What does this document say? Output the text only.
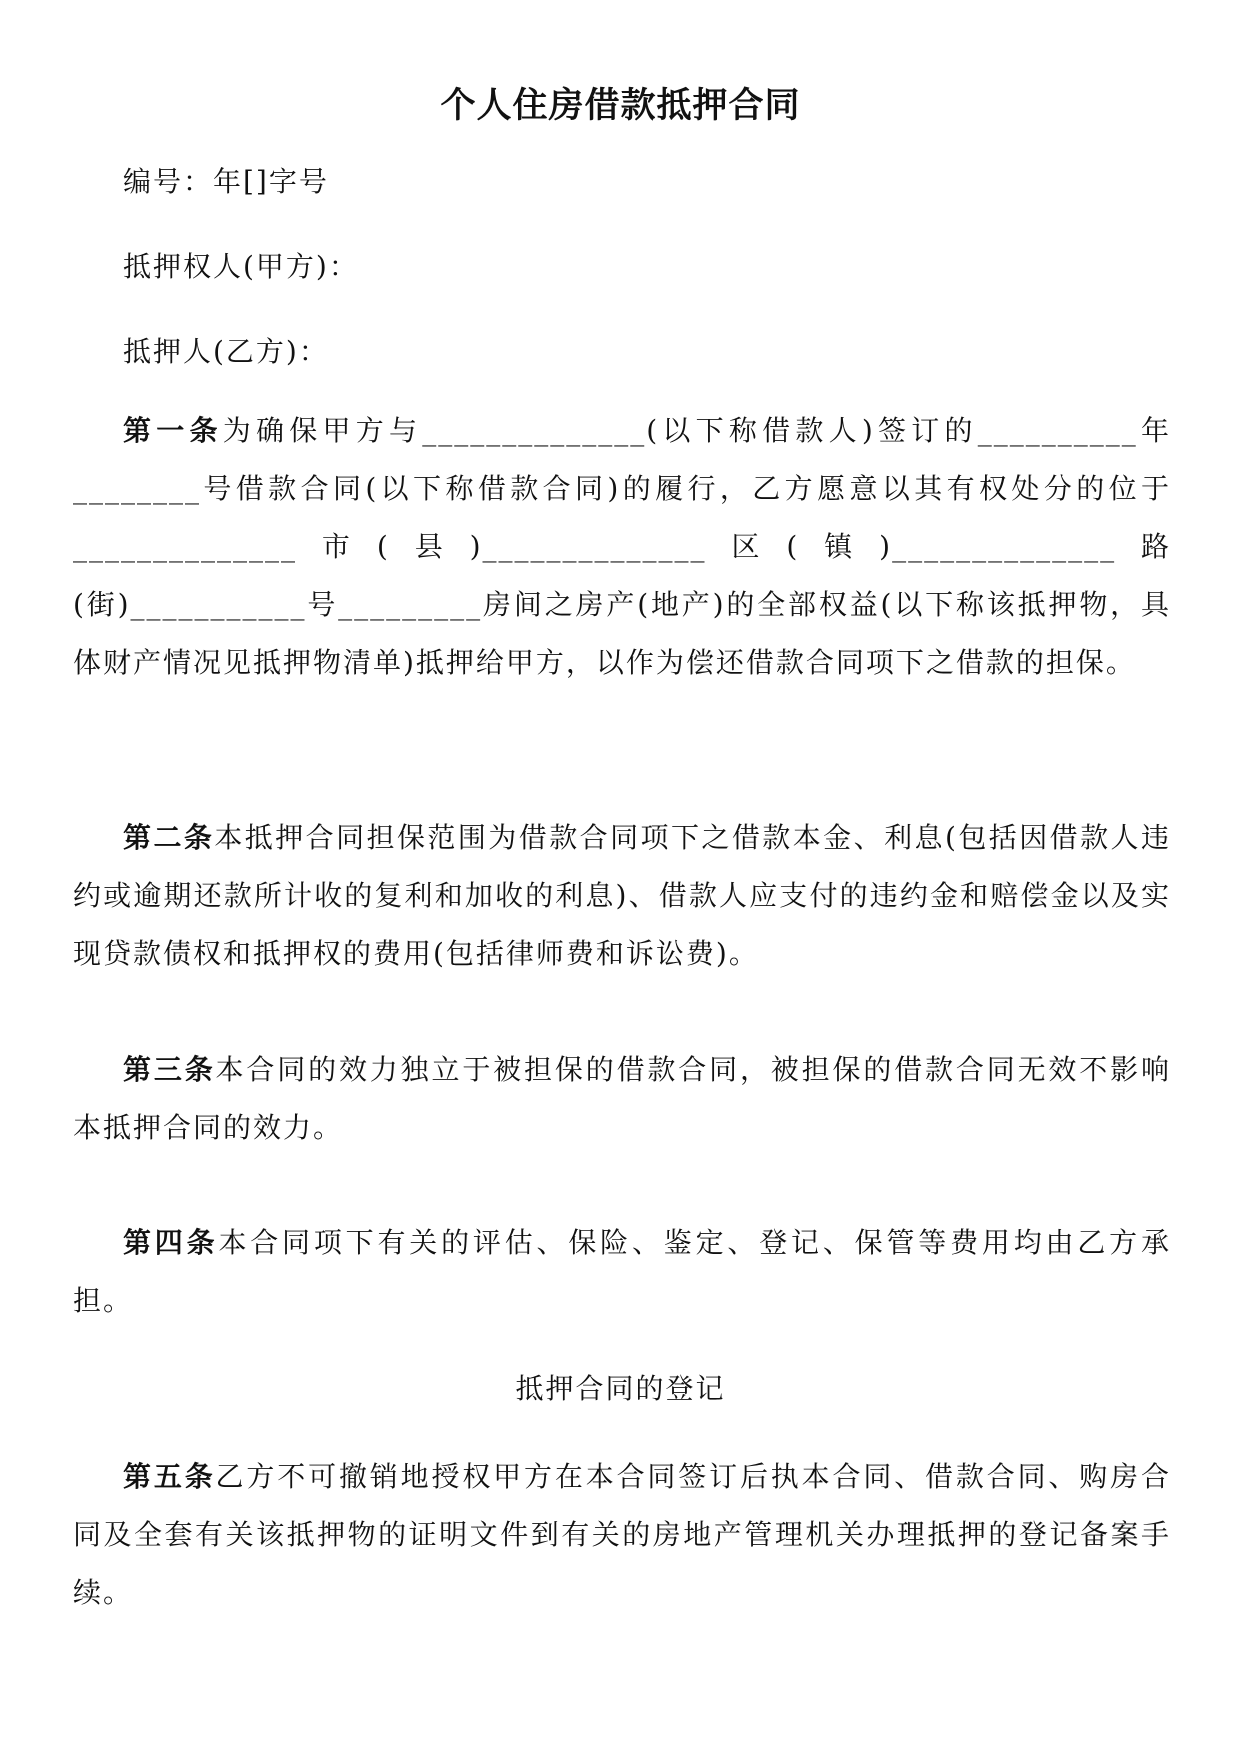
个人住房借款抵押合同
编号：年[]字号
抵押权人(甲方)：
抵押人(乙方)：

第一条为确保甲方与______________(以下称借款人)签订的__________年________号借款合同(以下称借款合同)的履行，乙方愿意以其有权处分的位于______________市(县)______________区(镇)______________路(街)___________号_________房间之房产(地产)的全部权益(以下称该抵押物，具体财产情况见抵押物清单)抵押给甲方，以作为偿还借款合同项下之借款的担保。

第二条本抵押合同担保范围为借款合同项下之借款本金、利息(包括因借款人违约或逾期还款所计收的复利和加收的利息)、借款人应支付的违约金和赔偿金以及实现贷款债权和抵押权的费用(包括律师费和诉讼费)。

第三条本合同的效力独立于被担保的借款合同，被担保的借款合同无效不影响本抵押合同的效力。

第四条本合同项下有关的评估、保险、鉴定、登记、保管等费用均由乙方承担。

抵押合同的登记

第五条乙方不可撤销地授权甲方在本合同签订后执本合同、借款合同、购房合同及全套有关该抵押物的证明文件到有关的房地产管理机关办理抵押的登记备案手续。
